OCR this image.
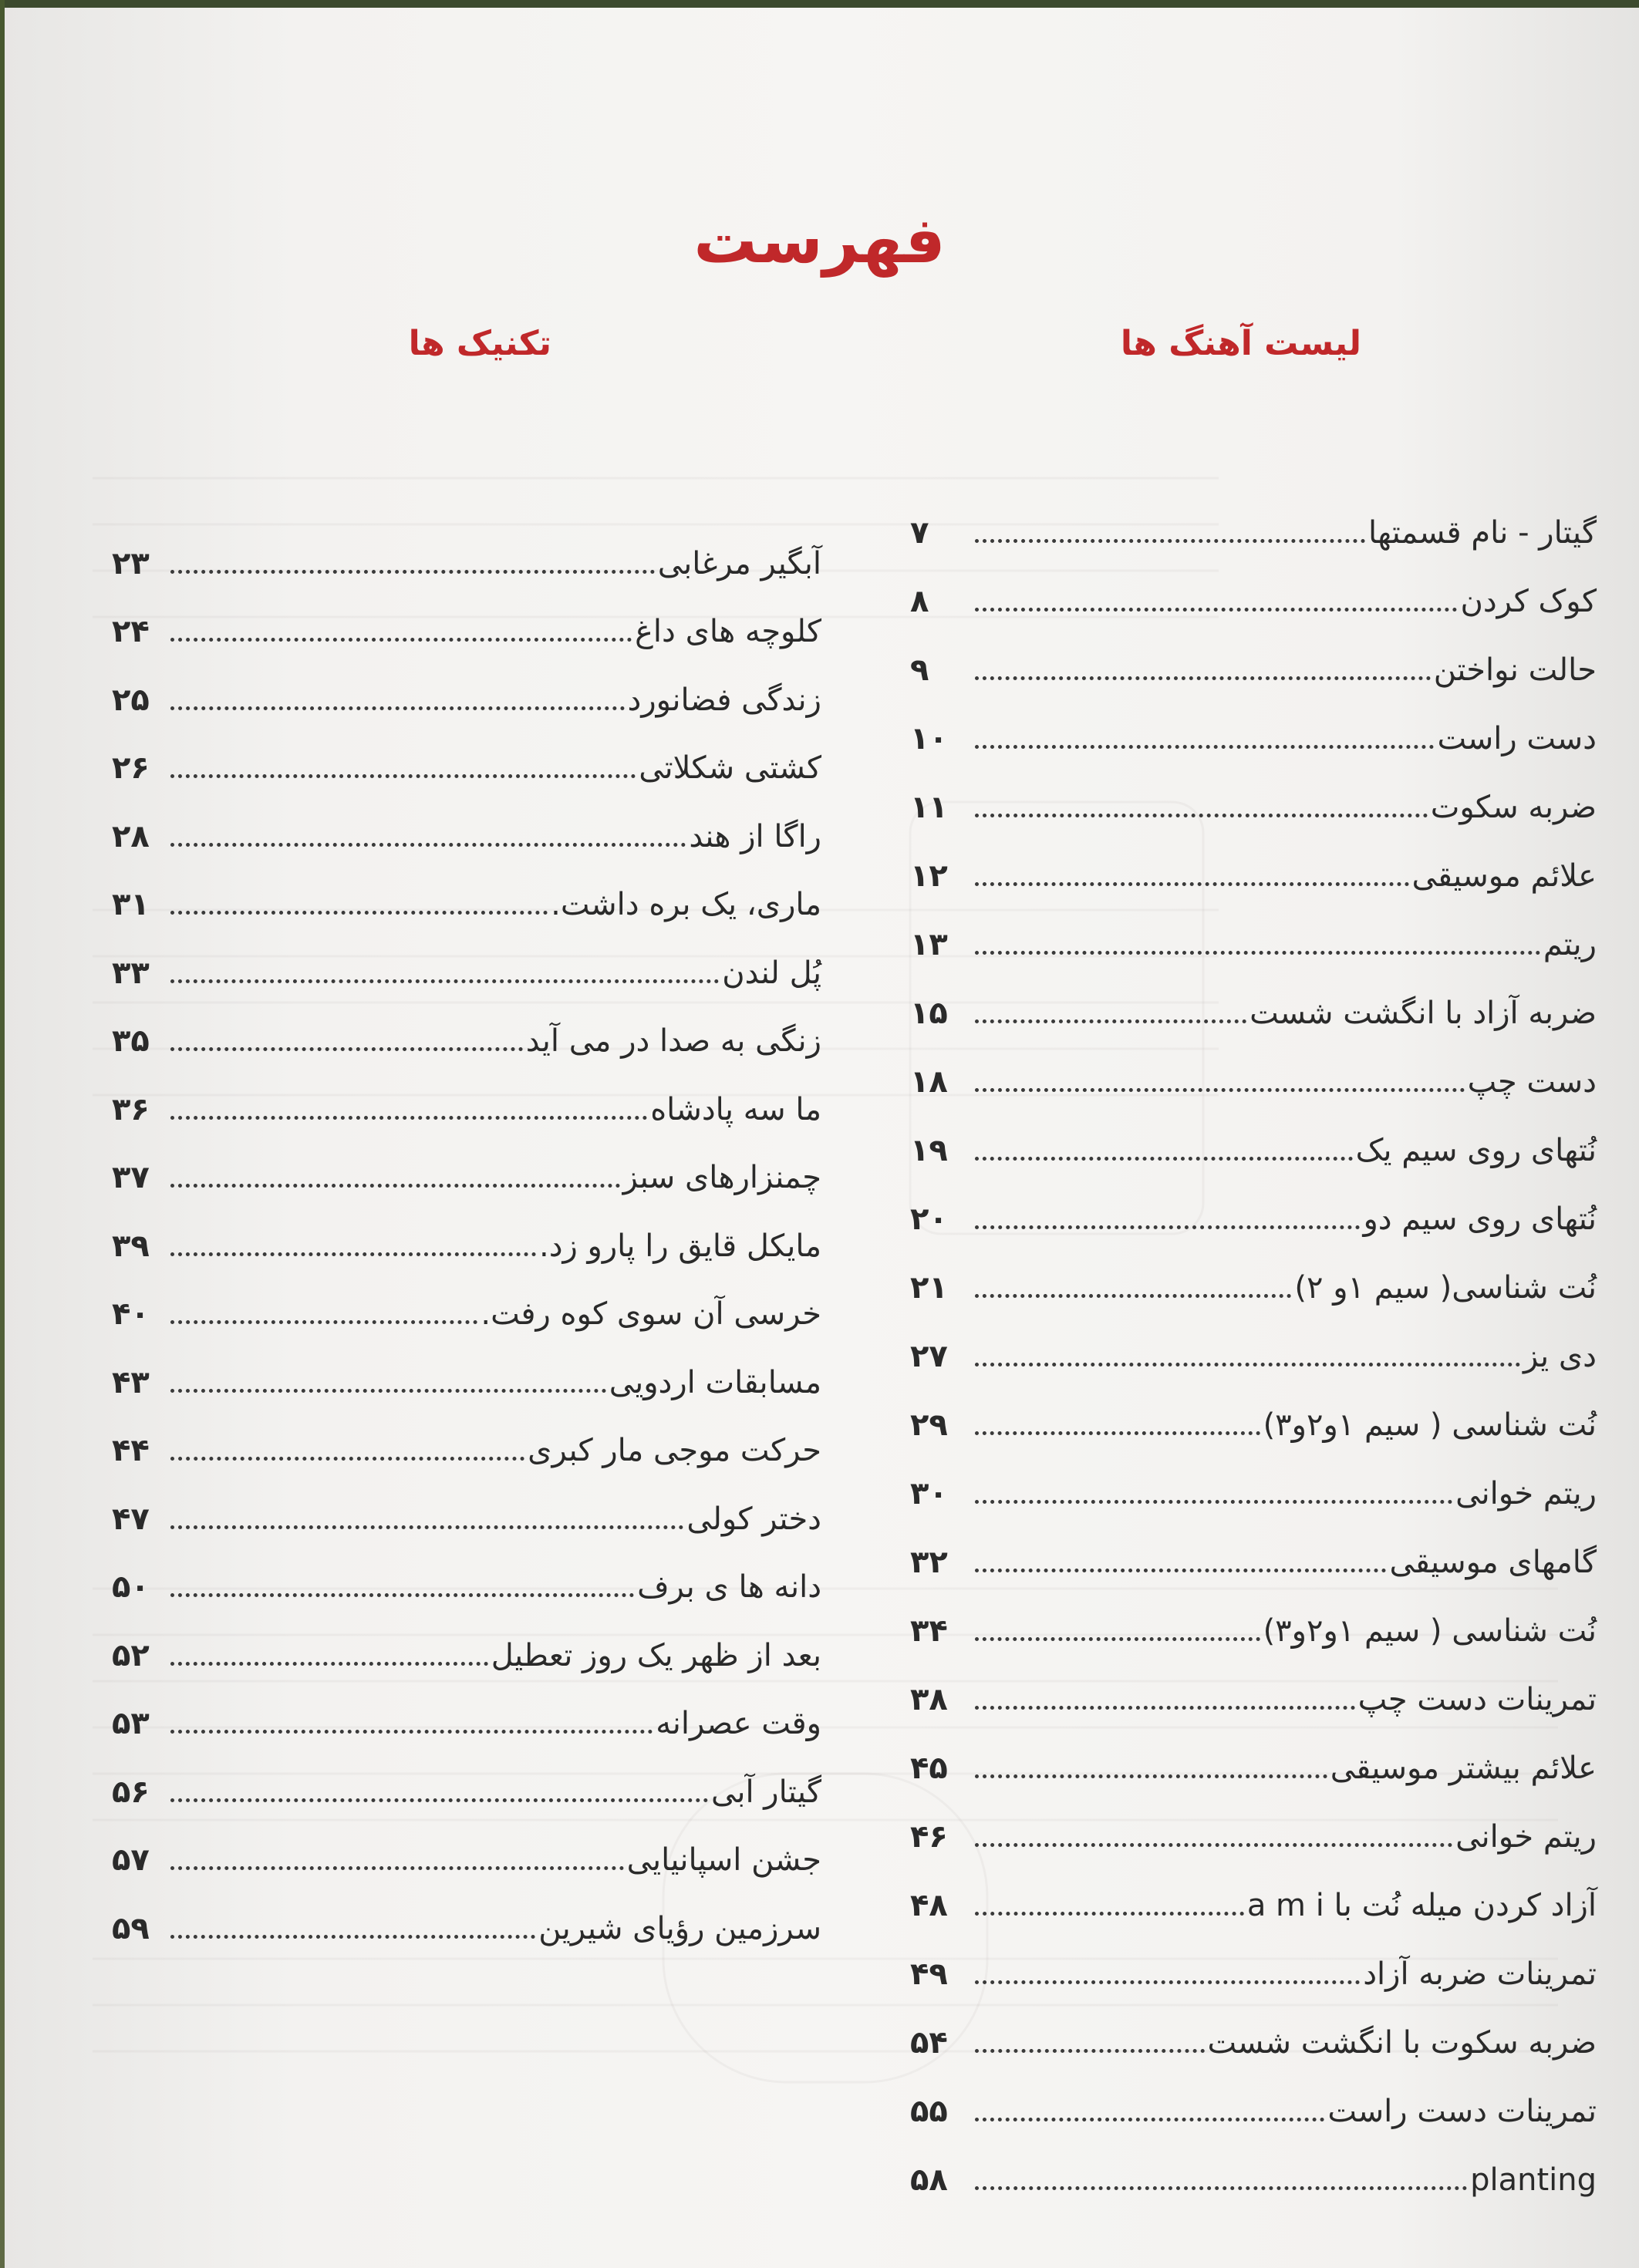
فهرست
لیست آهنگ ها
تکنیک ها
گیتار - نام قسمتها
۷
کوک کردن
۸
حالت نواختن
۹
دست راست
۱۰
ضربه سکوت
۱۱
علائم موسیقی
۱۲
ریتم
۱۳
ضربه آزاد با انگشت شست
۱۵
دست چپ
۱۸
نُتهای روی سیم یک
۱۹
نُتهای روی سیم دو
۲۰
نُت شناسی( سیم ۱و ۲)
۲۱
دی یز
۲۷
نُت شناسی ( سیم ۱و۲و۳)
۲۹
ریتم خوانی
۳۰
گامهای موسیقی
۳۲
نُت شناسی ( سیم ۱و۲و۳)
۳۴
تمرینات دست چپ
۳۸
علائم بیشتر موسیقی
۴۵
ریتم خوانی
۴۶
آزاد کردن میله نُت با a m i
۴۸
تمرینات ضربه آزاد
۴۹
ضربه سکوت با انگشت شست
۵۴
تمرینات دست راست
۵۵
planting
۵۸
آبگیر مرغابی
۲۳
کلوچه های داغ
۲۴
زندگی فضانورد
۲۵
کشتی شکلاتی
۲۶
راگا از هند
۲۸
ماری، یک بره داشت.
۳۱
پُل لندن
۳۳
زنگی به صدا در می آید
۳۵
ما سه پادشاه
۳۶
چمنزارهای سبز
۳۷
مایکل قایق را پارو زد.
۳۹
خرسی آن سوی کوه رفت.
۴۰
مسابقات اردویی
۴۳
حرکت موجی مار کبری
۴۴
دختر کولی
۴۷
دانه ها ی برف
۵۰
بعد از ظهر یک روز تعطیل
۵۲
وقت عصرانه
۵۳
گیتار آبی
۵۶
جشن اسپانیایی
۵۷
سرزمین رؤیای شیرین
۵۹
